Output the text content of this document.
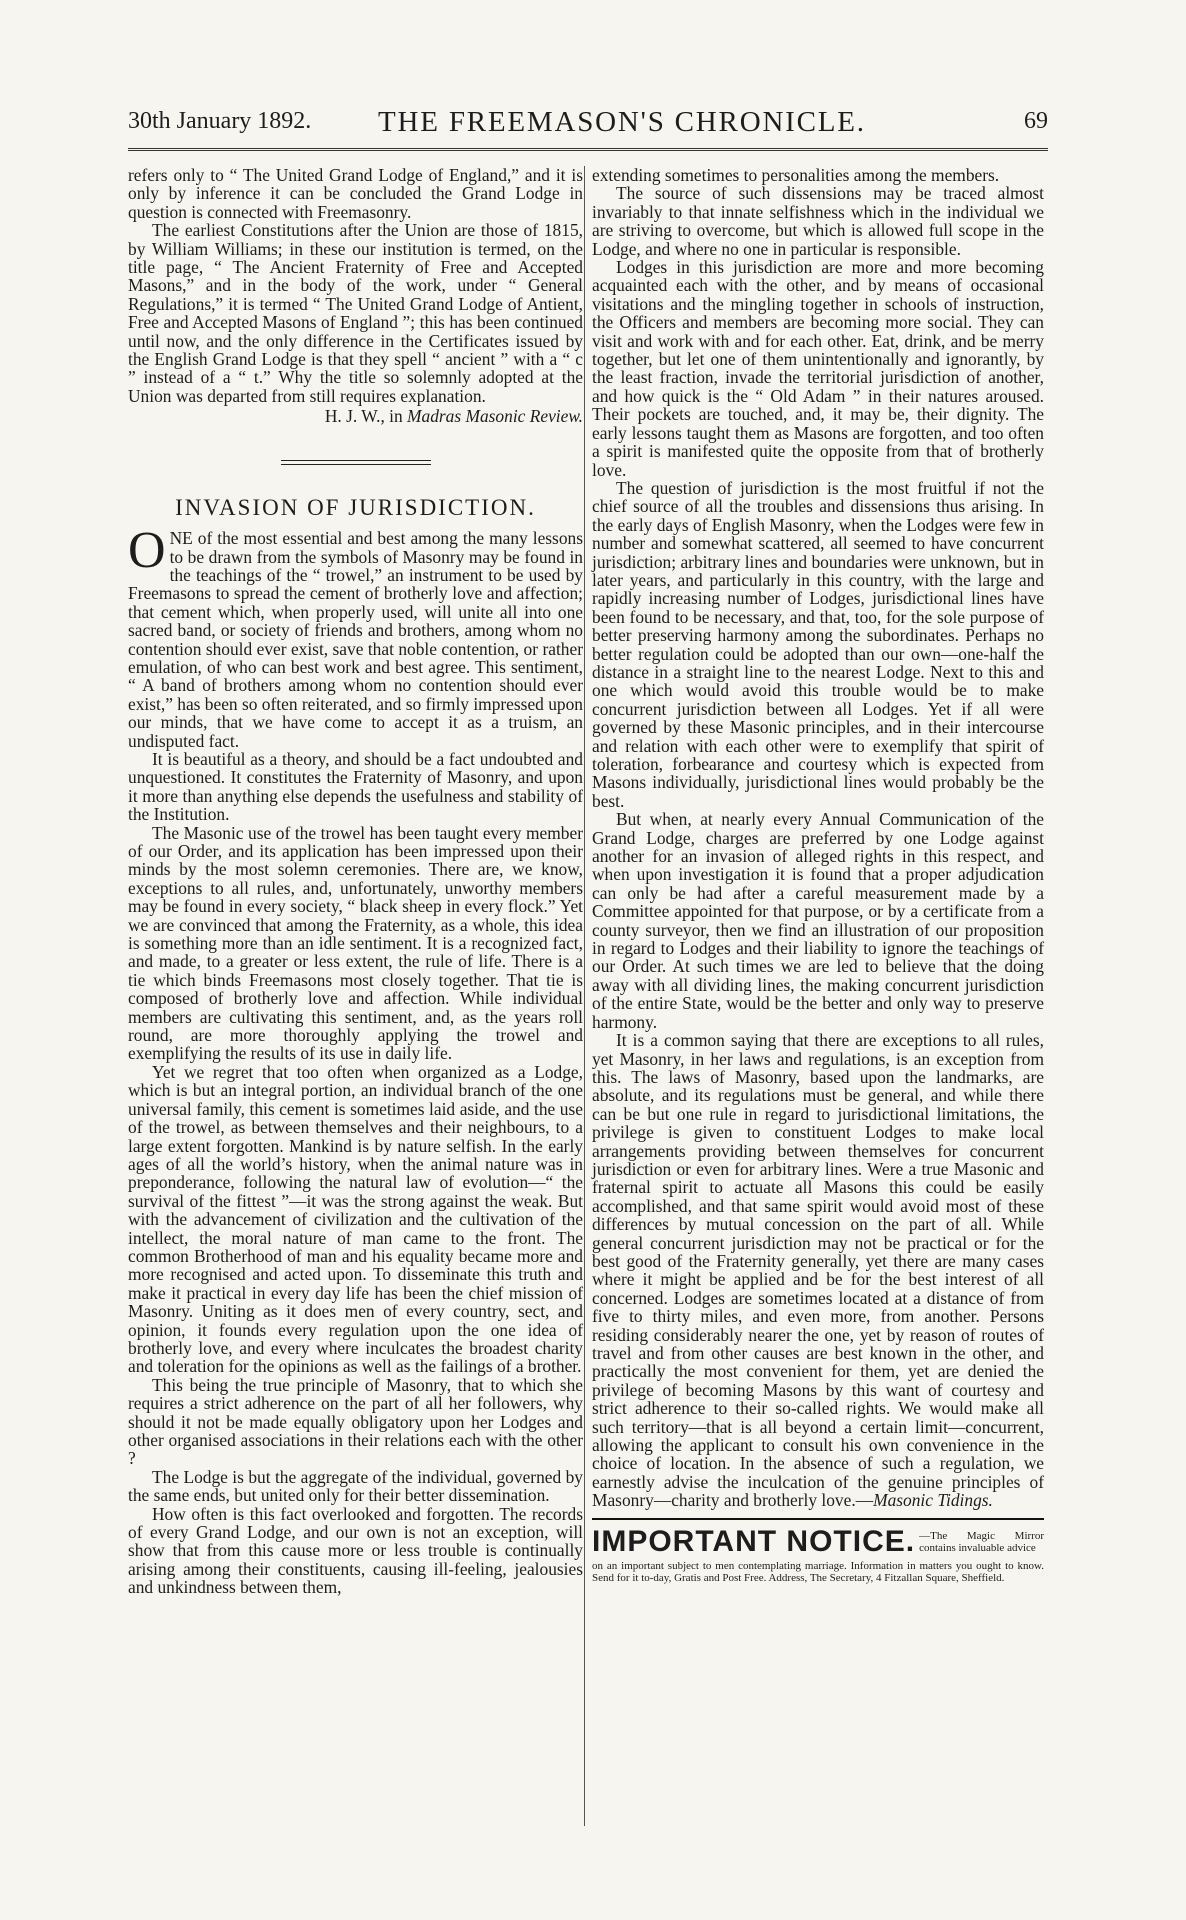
30th January 1892. THE FREEMASON'S CHRONICLE.	69

refers only to “ The United Grand Lodge of England,” and it is only by inference it can be concluded the Grand Lodge in question is connected with Freemasonry.

The earliest Constitutions after the Union are those of 1815, by William Williams; in these our institution is termed, on the title page, “ The Ancient Fraternity of Free and Accepted Masons,” and in the body of the work, under “ General Regulations,” it is termed “ The United Grand Lodge of Antient, Free and Accepted Masons of England ”; this has been continued until now, and the only difference in the Certificates issued by the English Grand Lodge is that they spell “ ancient ” with a “ c ” instead of a “ t.” Why the title so solemnly adopted at the Union was departed from still requires explanation.

H. J. W., in Madras Masonic Review.
INVASION OF JURISDICTION.

ONE of the most essential and best among the many lessons to be drawn from the symbols of Masonry may be found in the teachings of the “ trowel,” an instrument to be used by Freemasons to spread the cement of brotherly love and affection; that cement which, when properly used, will unite all into one sacred band, or society of friends and brothers, among whom no contention should ever exist, save that noble contention, or rather emulation, of who can best work and best agree. This sentiment, “ A band of brothers among whom no contention should ever exist,” has been so often reiterated, and so firmly impressed upon our minds, that we have come to accept it as a truism, an undisputed fact.

It is beautiful as a theory, and should be a fact undoubted and unquestioned. It constitutes the Fraternity of Masonry, and upon it more than anything else depends the usefulness and stability of the Institution.

The Masonic use of the trowel has been taught every member of our Order, and its application has been impressed upon their minds by the most solemn ceremonies. There are, we know, exceptions to all rules, and, unfortunately, unworthy members may be found in every society, “ black sheep in every flock.” Yet we are convinced that among the Fraternity, as a whole, this idea is something more than an idle sentiment. It is a recognized fact, and made, to a greater or less extent, the rule of life. There is a tie which binds Freemasons most closely together. That tie is composed of brotherly love and affection. While individual members are cultivating this sentiment, and, as the years roll round, are more thoroughly applying the trowel and exemplifying the results of its use in daily life.

Yet we regret that too often when organized as a Lodge, which is but an integral portion, an individual branch of the one universal family, this cement is sometimes laid aside, and the use of the trowel, as between themselves and their neighbours, to a large extent forgotten. Mankind is by nature selfish. In the early ages of all the world’s history, when the animal nature was in preponderance, following the natural law of evolution—“ the survival of the fittest ”—it was the strong against the weak. But with the advancement of civilization and the cultivation of the intellect, the moral nature of man came to the front. The common Brotherhood of man and his equality became more and more recognised and acted upon. To disseminate this truth and make it practical in every day life has been the chief mission of Masonry. Uniting as it does men of every country, sect, and opinion, it founds every regulation upon the one idea of brotherly love, and every where inculcates the broadest charity and toleration for the opinions as well as the failings of a brother.

This being the true principle of Masonry, that to which she requires a strict adherence on the part of all her followers, why should it not be made equally obligatory upon her Lodges and other organised associations in their relations each with the other ?

The Lodge is but the aggregate of the individual, governed by the same ends, but united only for their better dissemination.

How often is this fact overlooked and forgotten. The records of every Grand Lodge, and our own is not an exception, will show that from this cause more or less trouble is continually arising among their constituents, causing ill-feeling, jealousies and unkindness between them,

extending sometimes to personalities among the members.

The source of such dissensions may be traced almost invariably to that innate selfishness which in the individual we are striving to overcome, but which is allowed full scope in the Lodge, and where no one in particular is responsible.

Lodges in this jurisdiction are more and more becoming acquainted each with the other, and by means of occasional visitations and the mingling together in schools of instruction, the Officers and members are becoming more social. They can visit and work with and for each other. Eat, drink, and be merry together, but let one of them unintentionally and ignorantly, by the least fraction, invade the territorial jurisdiction of another, and how quick is the “ Old Adam ” in their natures aroused. Their pockets are touched, and, it may be, their dignity. The early lessons taught them as Masons are forgotten, and too often a spirit is manifested quite the opposite from that of brotherly love.

The question of jurisdiction is the most fruitful if not the chief source of all the troubles and dissensions thus arising. In the early days of English Masonry, when the Lodges were few in number and somewhat scattered, all seemed to have concurrent jurisdiction; arbitrary lines and boundaries were unknown, but in later years, and particularly in this country, with the large and rapidly increasing number of Lodges, jurisdictional lines have been found to be necessary, and that, too, for the sole purpose of better preserving harmony among the subordinates. Perhaps no better regulation could be adopted than our own—one-half the distance in a straight line to the nearest Lodge. Next to this and one which would avoid this trouble would be to make concurrent jurisdiction between all Lodges. Yet if all were governed by these Masonic principles, and in their intercourse and relation with each other were to exemplify that spirit of toleration, forbearance and courtesy which is expected from Masons individually, jurisdictional lines would probably be the best.

But when, at nearly every Annual Communication of the Grand Lodge, charges are preferred by one Lodge against another for an invasion of alleged rights in this respect, and when upon investigation it is found that a proper adjudication can only be had after a careful measurement made by a Committee appointed for that purpose, or by a certificate from a county surveyor, then we find an illustration of our proposition in regard to Lodges and their liability to ignore the teachings of our Order. At such times we are led to believe that the doing away with all dividing lines, the making concurrent jurisdiction of the entire State, would be the better and only way to preserve harmony.

It is a common saying that there are exceptions to all rules, yet Masonry, in her laws and regulations, is an exception from this. The laws of Masonry, based upon the landmarks, are absolute, and its regulations must be general, and while there can be but one rule in regard to jurisdictional limitations, the privilege is given to constituent Lodges to make local arrangements providing between themselves for concurrent jurisdiction or even for arbitrary lines. Were a true Masonic and fraternal spirit to actuate all Masons this could be easily accomplished, and that same spirit would avoid most of these differences by mutual concession on the part of all. While general concurrent jurisdiction may not be practical or for the best good of the Fraternity generally, yet there are many cases where it might be applied and be for the best interest of all concerned. Lodges are sometimes located at a distance of from five to thirty miles, and even more, from another. Persons residing considerably nearer the one, yet by reason of routes of travel and from other causes are best known in the other, and practically the most convenient for them, yet are denied the privilege of becoming Masons by this want of courtesy and strict adherence to their so-called rights. We would make all such territory—that is all beyond a certain limit—concurrent, allowing the applicant to consult his own convenience in the choice of location. In the absence of such a regulation, we earnestly advise the inculcation of the genuine principles of Masonry—charity and brotherly love.—Masonic Tidings.

IMPORTANT NOTICE. —The Magic Mirror contains invaluable advice
on an important subject to men contemplating marriage. Information in matters you ought to know. Send for it to-day, Gratis and Post Free. Address, The Secretary, 4 Fitzallan Square, Sheffield.
